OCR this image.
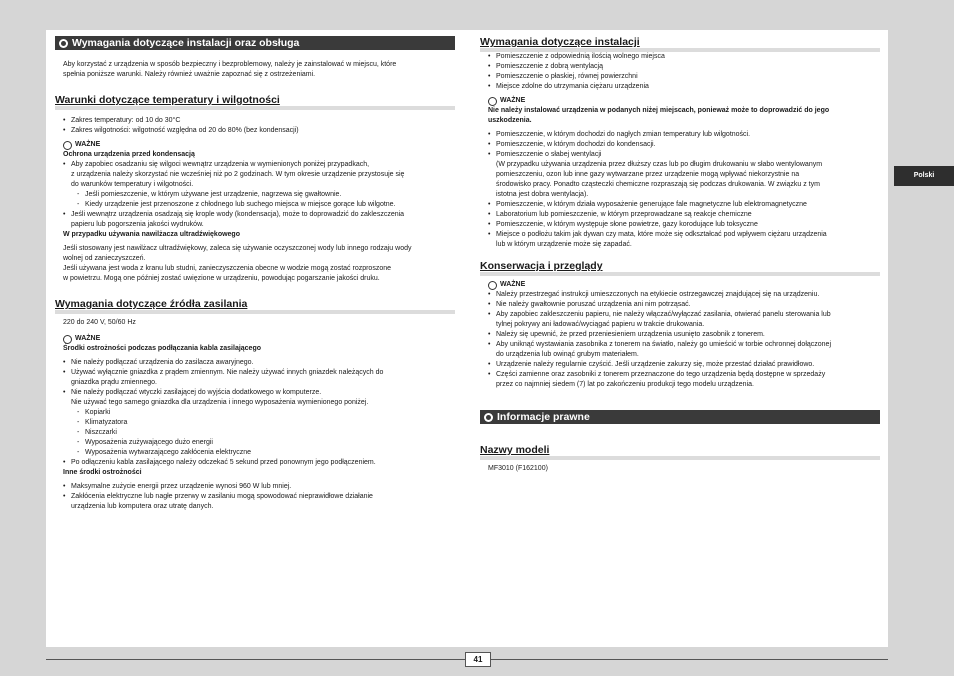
Wymagania dotyczące instalacji oraz obsługa
Aby korzystać z urządzenia w sposób bezpieczny i bezproblemowy, należy je zainstalować w miejscu, które
spełnia poniższe warunki. Należy również uważnie zapoznać się z ostrzeżeniami.
Warunki dotyczące temperatury i wilgotności
• Zakres temperatury: od 10 do 30°C
• Zakres wilgotności: wilgotność względna od 20 do 80% (bez kondensacji)
WAŻNE
Ochrona urządzenia przed kondensacją
• Aby zapobiec osadzaniu się wilgoci wewnątrz urządzenia w wymienionych poniżej przypadkach,
z urządzenia należy skorzystać nie wcześniej niż po 2 godzinach. W tym okresie urządzenie przystosuje się
do warunków temperatury i wilgotności.
- Jeśli pomieszczenie, w którym używane jest urządzenie, nagrzewa się gwałtownie.
- Kiedy urządzenie jest przenoszone z chłodnego lub suchego miejsca w miejsce gorące lub wilgotne.
• Jeśli wewnątrz urządzenia osadzają się krople wody (kondensacja), może to doprowadzić do zakleszczenia
papieru lub pogorszenia jakości wydruków.
W przypadku używania nawilżacza ultradźwiękowego
Jeśli stosowany jest nawilżacz ultradźwiękowy, zaleca się używanie oczyszczonej wody lub innego rodzaju wody
wolnej od zanieczyszczeń.
Jeśli używana jest woda z kranu lub studni, zanieczyszczenia obecne w wodzie mogą zostać rozproszone
w powietrzu. Mogą one później zostać uwięzione w urządzeniu, powodując pogarszanie jakości druku.
Wymagania dotyczące źródła zasilania
220 do 240 V, 50/60 Hz
WAŻNE
Środki ostrożności podczas podłączania kabla zasilającego
• Nie należy podłączać urządzenia do zasilacza awaryjnego.
• Używać wyłącznie gniazdka z prądem zmiennym. Nie należy używać innych gniazdek należących do
gniazdka prądu zmiennego.
• Nie należy podłączać wtyczki zasilającej do wyjścia dodatkowego w komputerze.
Nie używać tego samego gniazdka dla urządzenia i innego wyposażenia wymienionego poniżej.
- Kopiarki
- Klimatyzatora
- Niszczarki
- Wyposażenia zużywającego dużo energii
- Wyposażenia wytwarzającego zakłócenia elektryczne
• Po odłączeniu kabla zasilającego należy odczekać 5 sekund przed ponownym jego podłączeniem.
Inne środki ostrożności
• Maksymalne zużycie energii przez urządzenie wynosi 960 W lub mniej.
• Zakłócenia elektryczne lub nagłe przerwy w zasilaniu mogą spowodować nieprawidłowe działanie
urządzenia lub komputera oraz utratę danych.
Wymagania dotyczące instalacji
• Pomieszczenie z odpowiednią ilością wolnego miejsca
• Pomieszczenie z dobrą wentylacją
• Pomieszczenie o płaskiej, równej powierzchni
• Miejsce zdolne do utrzymania ciężaru urządzenia
WAŻNE
Nie należy instalować urządzenia w podanych niżej miejscach, ponieważ może to doprowadzić do jego
uszkodzenia.
• Pomieszczenie, w którym dochodzi do nagłych zmian temperatury lub wilgotności.
• Pomieszczenie, w którym dochodzi do kondensacji.
• Pomieszczenie o słabej wentylacji
(W przypadku używania urządzenia przez dłuższy czas lub po długim drukowaniu w słabo wentylowanym
pomieszczeniu, ozon lub inne gazy wytwarzane przez urządzenie mogą wpływać niekorzystnie na
środowisko pracy. Ponadto cząsteczki chemiczne rozpraszają się podczas drukowania. W związku z tym
istotna jest dobra wentylacja).
• Pomieszczenie, w którym działa wyposażenie generujące fale magnetyczne lub elektromagnetyczne
• Laboratorium lub pomieszczenie, w którym przeprowadzane są reakcje chemiczne
• Pomieszczenie, w którym występuje słone powietrze, gazy korodujące lub toksyczne
• Miejsce o podłożu takim jak dywan czy mata, które może się odkształcać pod wpływem ciężaru urządzenia
lub w którym urządzenie może się zapadać.
Konserwacja i przeglądy
WAŻNE
• Należy przestrzegać instrukcji umieszczonych na etykiecie ostrzegawczej znajdującej się na urządzeniu.
• Nie należy gwałtownie poruszać urządzenia ani nim potrząsać.
• Aby zapobiec zakleszczeniu papieru, nie należy włączać/wyłączać zasilania, otwierać panelu sterowania lub
tylnej pokrywy ani ładować/wyciągać papieru w trakcie drukowania.
• Należy się upewnić, że przed przeniesieniem urządzenia usunięto zasobnik z tonerem.
• Aby uniknąć wystawiania zasobnika z tonerem na światło, należy go umieścić w torbie ochronnej dołączonej
do urządzenia lub owinąć grubym materiałem.
• Urządzenie należy regularnie czyścić. Jeśli urządzenie zakurzy się, może przestać działać prawidłowo.
• Części zamienne oraz zasobniki z tonerem przeznaczone do tego urządzenia będą dostępne w sprzedaży
przez co najmniej siedem (7) lat po zakończeniu produkcji tego modelu urządzenia.
Informacje prawne
Nazwy modeli
MF3010 (F162100)
Polski
41
